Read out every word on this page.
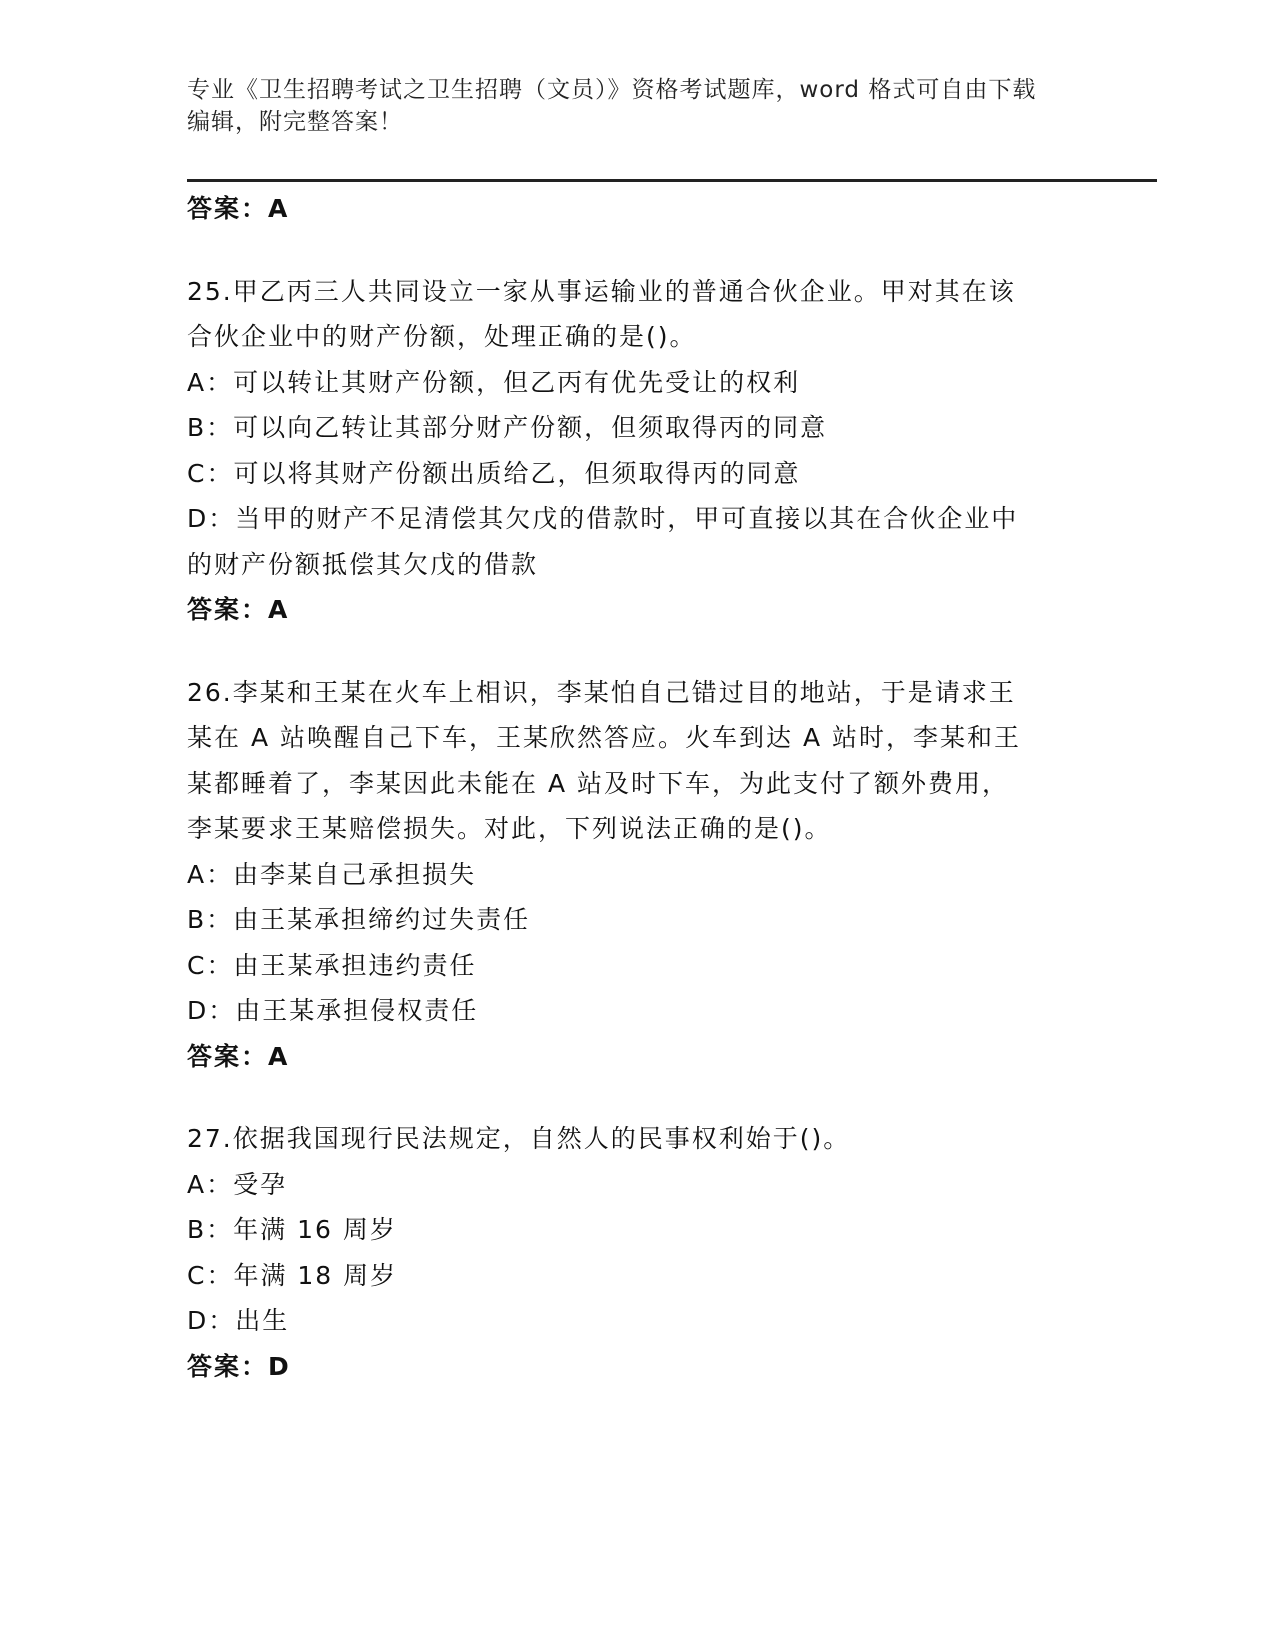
专业《卫生招聘考试之卫生招聘（文员）》资格考试题库，word 格式可自由下载
编辑，附完整答案！
答案：A
25.甲乙丙三人共同设立一家从事运输业的普通合伙企业。甲对其在该
合伙企业中的财产份额，处理正确的是()。
A：可以转让其财产份额，但乙丙有优先受让的权利
B：可以向乙转让其部分财产份额，但须取得丙的同意
C：可以将其财产份额出质给乙，但须取得丙的同意
D：当甲的财产不足清偿其欠戊的借款时，甲可直接以其在合伙企业中
的财产份额抵偿其欠戊的借款
答案：A
26.李某和王某在火车上相识，李某怕自己错过目的地站，于是请求王
某在 A 站唤醒自己下车，王某欣然答应。火车到达 A 站时，李某和王
某都睡着了，李某因此未能在 A 站及时下车，为此支付了额外费用，
李某要求王某赔偿损失。对此，下列说法正确的是()。
A：由李某自己承担损失
B：由王某承担缔约过失责任
C：由王某承担违约责任
D：由王某承担侵权责任
答案：A
27.依据我国现行民法规定，自然人的民事权利始于()。
A：受孕
B：年满 16 周岁
C：年满 18 周岁
D：出生
答案：D
